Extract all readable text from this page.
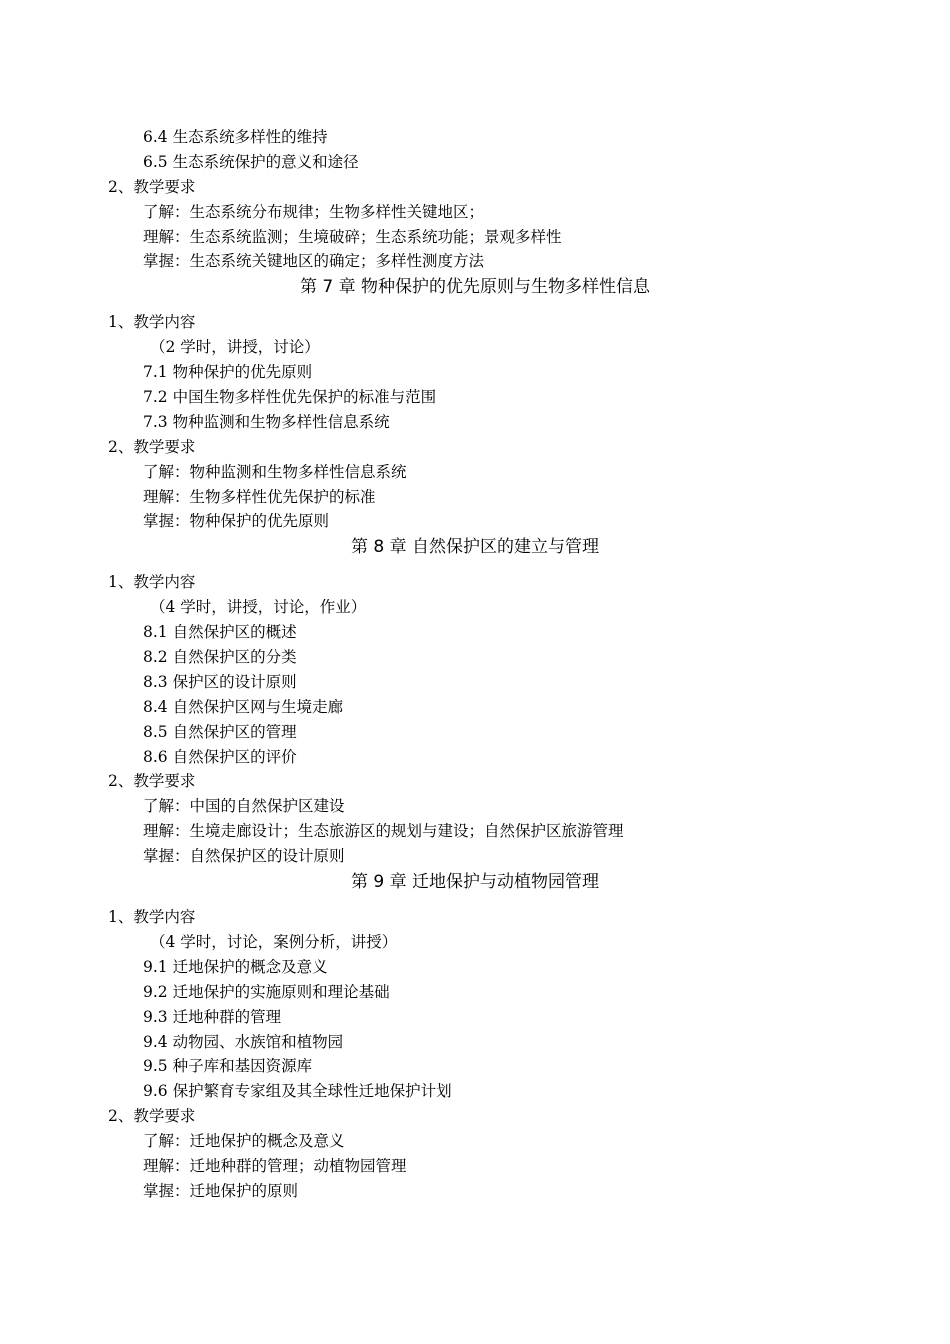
6.4 生态系统多样性的维持
6.5 生态系统保护的意义和途径
2、教学要求
了解：生态系统分布规律；生物多样性关键地区；
理解：生态系统监测；生境破碎；生态系统功能；景观多样性
掌握：生态系统关键地区的确定；多样性测度方法
第 7 章 物种保护的优先原则与生物多样性信息
1、教学内容
（2 学时，讲授，讨论）
7.1 物种保护的优先原则
7.2 中国生物多样性优先保护的标准与范围
7.3 物种监测和生物多样性信息系统
2、教学要求
了解：物种监测和生物多样性信息系统
理解：生物多样性优先保护的标准
掌握：物种保护的优先原则
第 8 章 自然保护区的建立与管理
1、教学内容
（4 学时，讲授，讨论，作业）
8.1 自然保护区的概述
8.2 自然保护区的分类
8.3 保护区的设计原则
8.4 自然保护区网与生境走廊
8.5 自然保护区的管理
8.6 自然保护区的评价
2、教学要求
了解：中国的自然保护区建设
理解：生境走廊设计；生态旅游区的规划与建设；自然保护区旅游管理
掌握：自然保护区的设计原则
第 9 章 迁地保护与动植物园管理
1、教学内容
（4 学时，讨论，案例分析，讲授）
9.1 迁地保护的概念及意义
9.2 迁地保护的实施原则和理论基础
9.3 迁地种群的管理
9.4 动物园、水族馆和植物园
9.5 种子库和基因资源库
9.6 保护繁育专家组及其全球性迁地保护计划
2、教学要求
了解：迁地保护的概念及意义
理解：迁地种群的管理；动植物园管理
掌握：迁地保护的原则
